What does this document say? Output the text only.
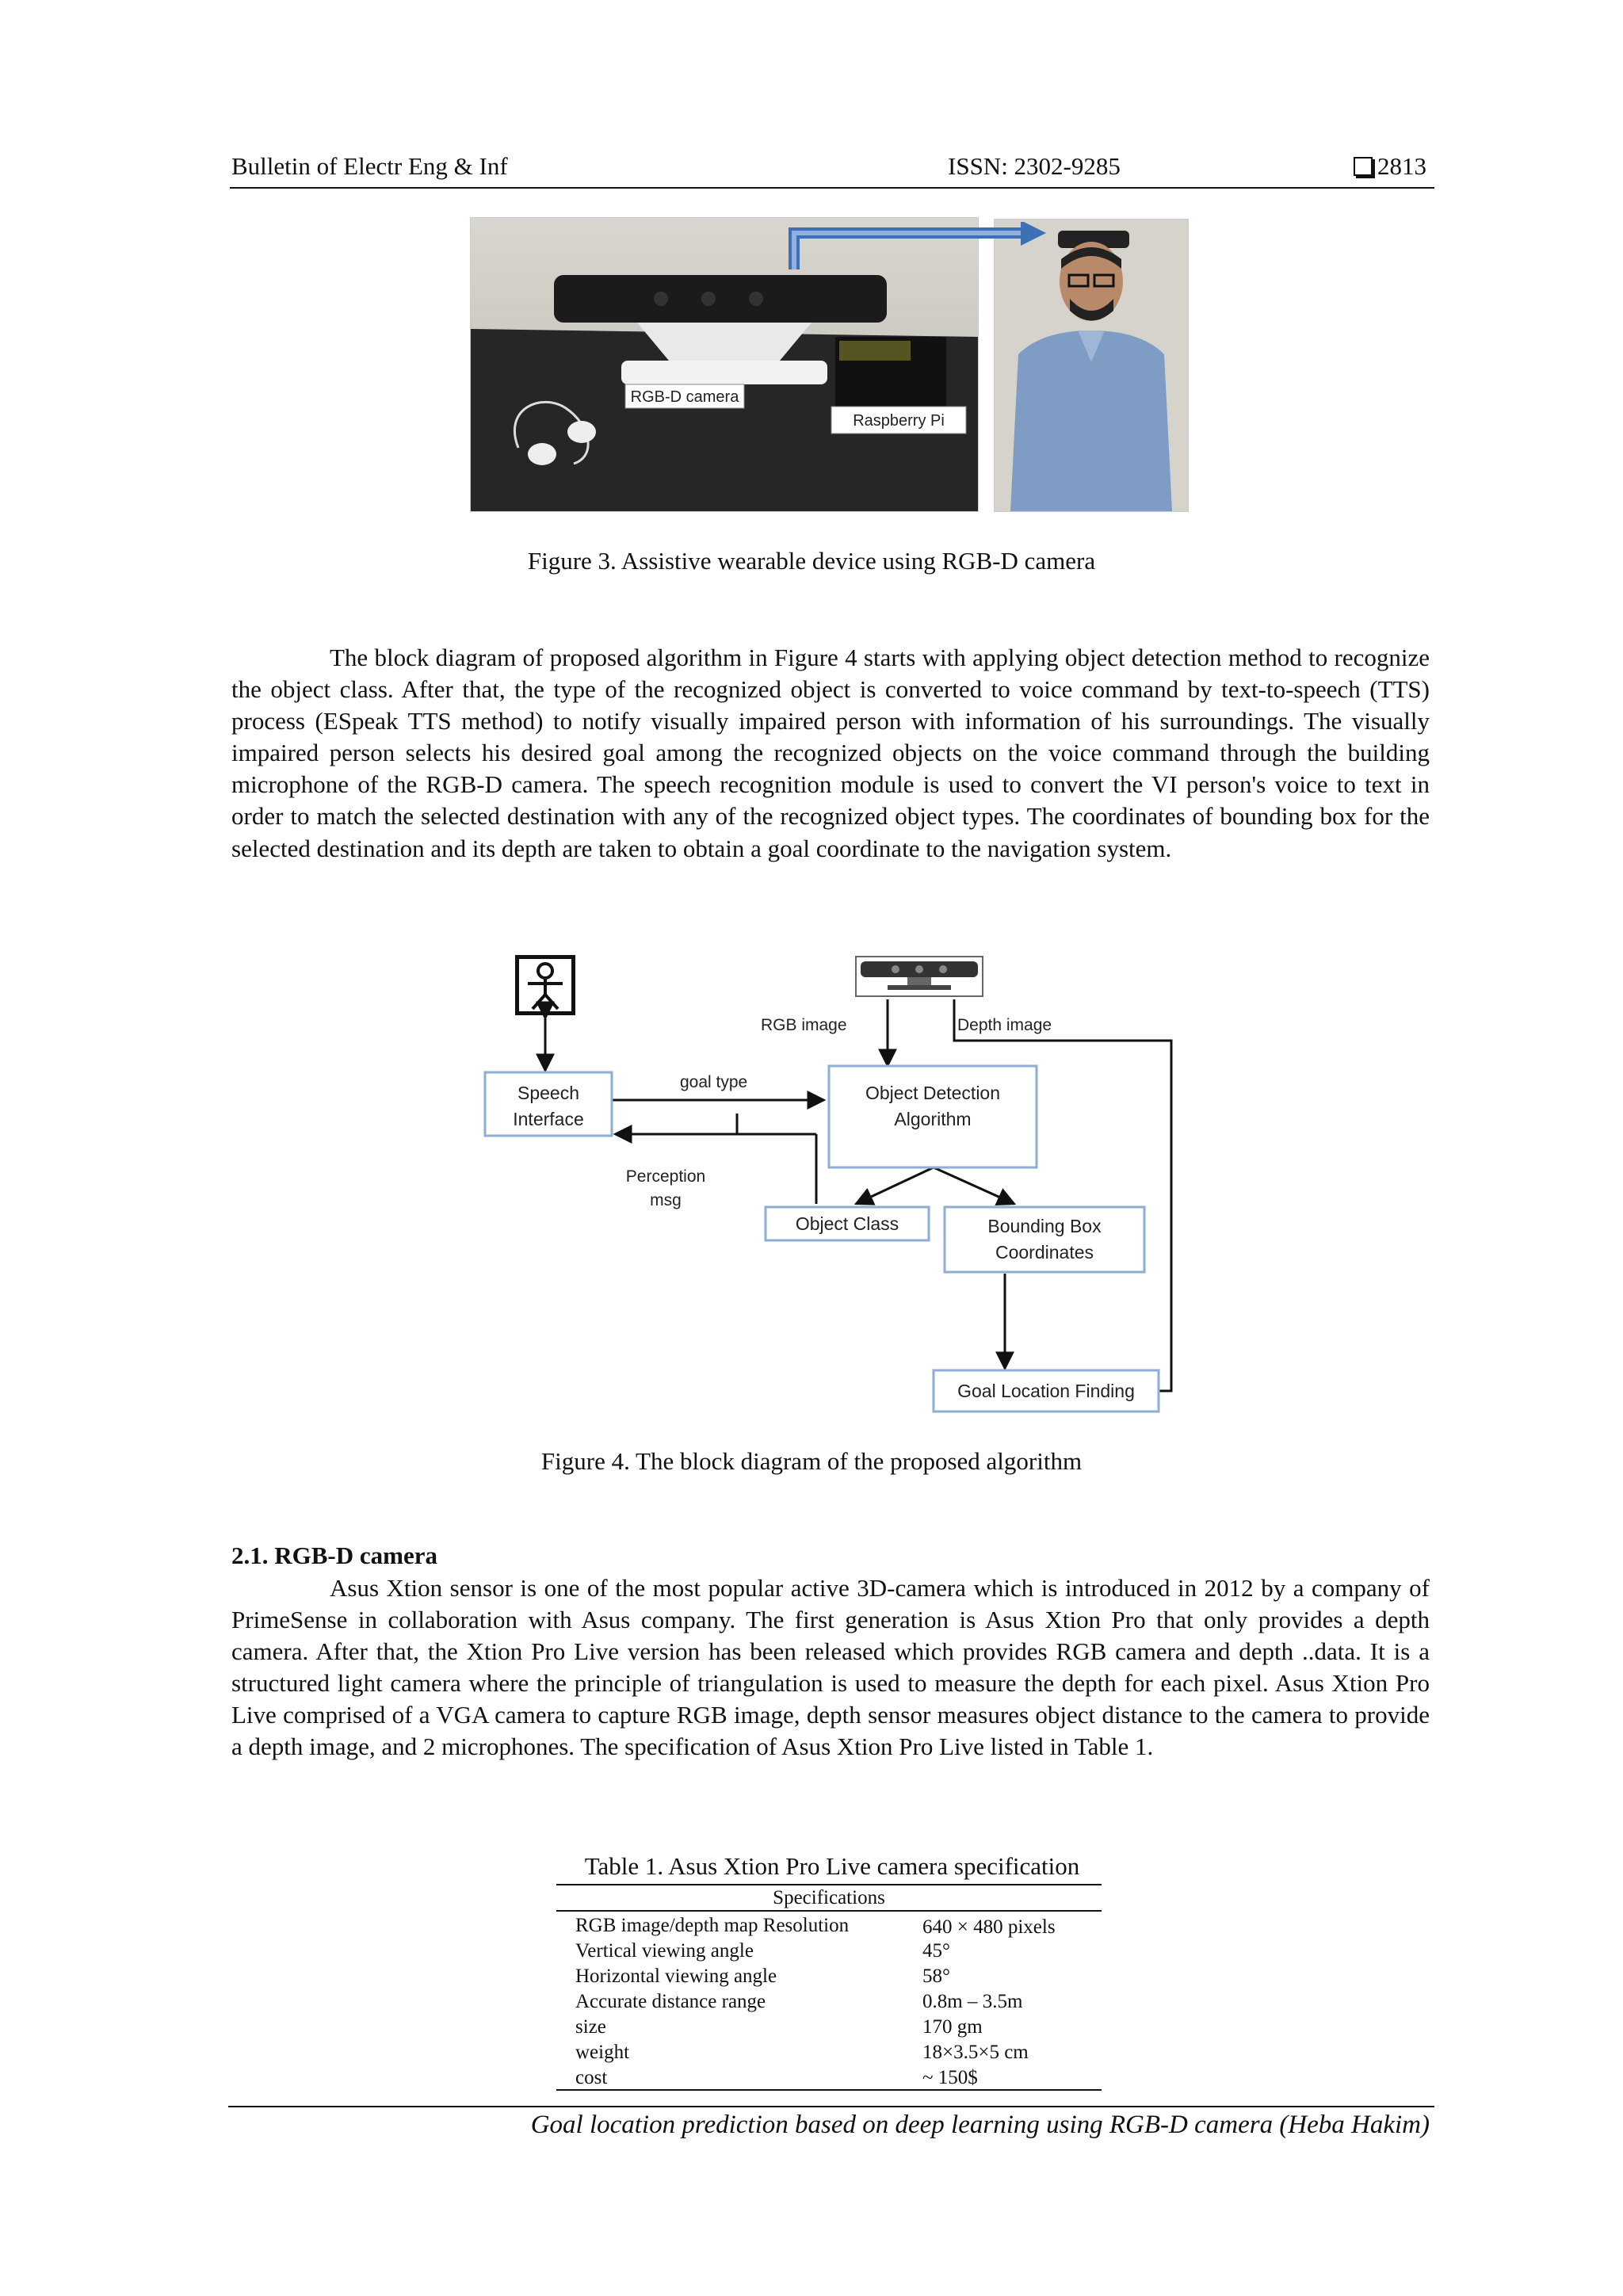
Bulletin of Electr Eng & Inf	ISSN: 2302-9285	2813
RGB-D camera
Raspberry Pi
Figure 3. Assistive wearable device using RGB-D camera

The block diagram of proposed algorithm in Figure 4 starts with applying object detection method to recognize the object class. After that, the type of the recognized object is converted to voice command by text-to-speech (TTS) process (ESpeak TTS method) to notify visually impaired person with information of his surroundings. The visually impaired person selects his desired goal among the recognized objects on the voice command through the building microphone of the RGB-D camera. The speech recognition module is used to convert the VI person's voice to text in order to match the selected destination with any of the recognized object types. The coordinates of bounding box for the selected destination and its depth are taken to obtain a goal coordinate to the navigation system.

Speech
Interface
Object Detection
Algorithm
Object Class	Bounding Box
Coordinates
Goal Location Finding
RGB image	Depth image
goal type
Perception
msg
Figure 4. The block diagram of the proposed algorithm
2.1. RGB-D camera

Asus Xtion sensor is one of the most popular active 3D-camera which is introduced in 2012 by a company of PrimeSense in collaboration with Asus company. The first generation is Asus Xtion Pro that only provides a depth camera. After that, the Xtion Pro Live version has been released which provides RGB camera and depth ..data. It is a structured light camera where the principle of triangulation is used to measure the depth for each pixel. Asus Xtion Pro Live comprised of a VGA camera to capture RGB image, depth sensor measures object distance to the camera to provide a depth image, and 2 microphones. The specification of Asus Xtion Pro Live listed in Table 1.

Table 1. Asus Xtion Pro Live camera specification
Specifications
RGB image/depth map Resolution	640 × 480 pixels
Vertical viewing angle	45°
Horizontal viewing angle	58°
Accurate distance range	0.8m – 3.5m
size	170 gm
weight	18×3.5×5 cm
cost	~ 150$
Goal location prediction based on deep learning using RGB-D camera (Heba Hakim)
